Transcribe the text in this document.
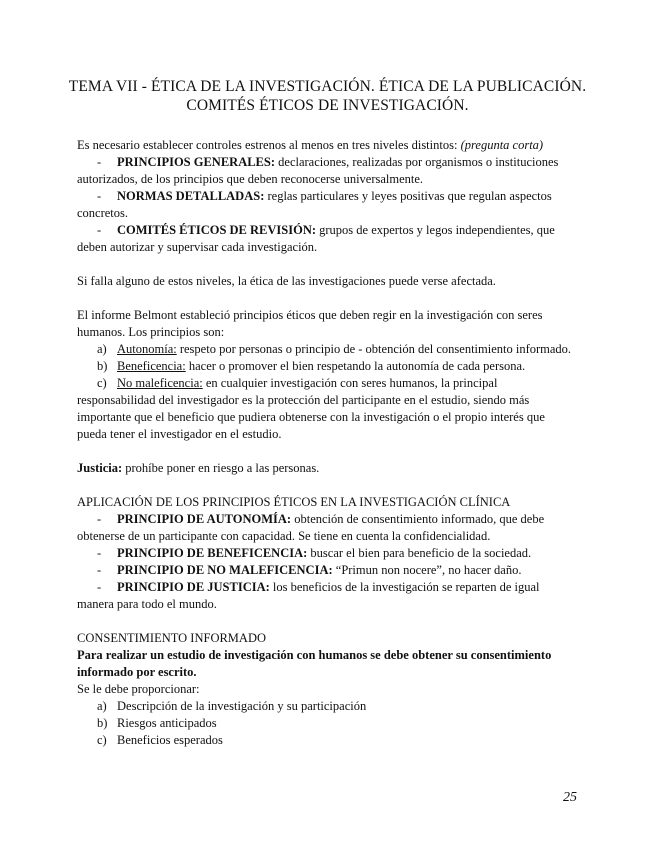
TEMA VII - ÉTICA DE LA INVESTIGACIÓN. ÉTICA DE LA PUBLICACIÓN.
COMITÉS ÉTICOS DE INVESTIGACIÓN.

Es necesario establecer controles estrenos al menos en tres niveles distintos: (pregunta corta)

- PRINCIPIOS GENERALES: declaraciones, realizadas por organismos o instituciones autorizados, de los principios que deben reconocerse universalmente.

- NORMAS DETALLADAS: reglas particulares y leyes positivas que regulan aspectos concretos.

- COMITÉS ÉTICOS DE REVISIÓN: grupos de expertos y legos independientes, que deben autorizar y supervisar cada investigación.

Si falla alguno de estos niveles, la ética de las investigaciones puede verse afectada.

El informe Belmont estableció principios éticos que deben regir en la investigación con seres humanos. Los principios son:

a) Autonomía: respeto por personas o principio de - obtención del consentimiento informado.

b) Beneficencia: hacer o promover el bien respetando la autonomía de cada persona.

c) No maleficencia: en cualquier investigación con seres humanos, la principal responsabilidad del investigador es la protección del participante en el estudio, siendo más importante que el beneficio que pudiera obtenerse con la investigación o el propio interés que pueda tener el investigador en el estudio.

Justicia: prohíbe poner en riesgo a las personas.

APLICACIÓN DE LOS PRINCIPIOS ÉTICOS EN LA INVESTIGACIÓN CLÍNICA

- PRINCIPIO DE AUTONOMÍA: obtención de consentimiento informado, que debe obtenerse de un participante con capacidad. Se tiene en cuenta la confidencialidad.

- PRINCIPIO DE BENEFICENCIA: buscar el bien para beneficio de la sociedad.

- PRINCIPIO DE NO MALEFICENCIA: “Primun non nocere”, no hacer daño.

- PRINCIPIO DE JUSTICIA: los beneficios de la investigación se reparten de igual manera para todo el mundo.

CONSENTIMIENTO INFORMADO

Para realizar un estudio de investigación con humanos se debe obtener su consentimiento informado por escrito.

Se le debe proporcionar:

a) Descripción de la investigación y su participación

b) Riesgos anticipados

c) Beneficios esperados

25
